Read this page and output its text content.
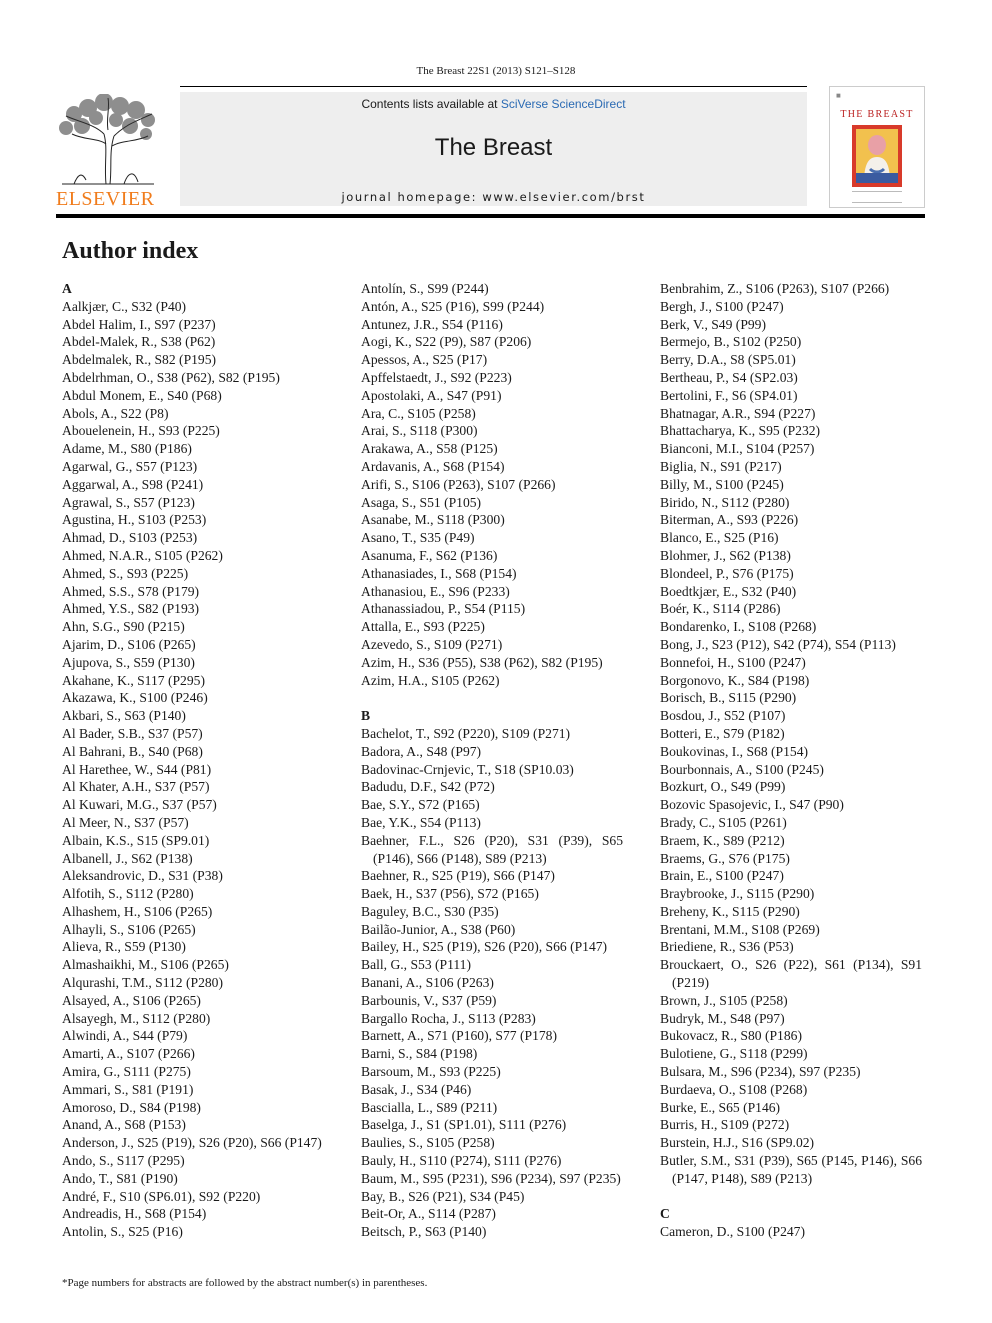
The Breast 22S1 (2013) S121–S128
ELSEVIER
Contents lists available at SciVerse ScienceDirect
The Breast
journal homepage: www.elsevier.com/brst
■
THE BREAST
Author index
A
Aalkjær, C., S32 (P40)
Abdel Halim, I., S97 (P237)
Abdel-Malek, R., S38 (P62)
Abdelmalek, R., S82 (P195)
Abdelrhman, O., S38 (P62), S82 (P195)
Abdul Monem, E., S40 (P68)
Abols, A., S22 (P8)
Abouelenein, H., S93 (P225)
Adame, M., S80 (P186)
Agarwal, G., S57 (P123)
Aggarwal, A., S98 (P241)
Agrawal, S., S57 (P123)
Agustina, H., S103 (P253)
Ahmad, D., S103 (P253)
Ahmed, N.A.R., S105 (P262)
Ahmed, S., S93 (P225)
Ahmed, S.S., S78 (P179)
Ahmed, Y.S., S82 (P193)
Ahn, S.G., S90 (P215)
Ajarim, D., S106 (P265)
Ajupova, S., S59 (P130)
Akahane, K., S117 (P295)
Akazawa, K., S100 (P246)
Akbari, S., S63 (P140)
Al Bader, S.B., S37 (P57)
Al Bahrani, B., S40 (P68)
Al Harethee, W., S44 (P81)
Al Khater, A.H., S37 (P57)
Al Kuwari, M.G., S37 (P57)
Al Meer, N., S37 (P57)
Albain, K.S., S15 (SP9.01)
Albanell, J., S62 (P138)
Aleksandrovic, D., S31 (P38)
Alfotih, S., S112 (P280)
Alhashem, H., S106 (P265)
Alhayli, S., S106 (P265)
Alieva, R., S59 (P130)
Almashaikhi, M., S106 (P265)
Alqurashi, T.M., S112 (P280)
Alsayed, A., S106 (P265)
Alsayegh, M., S112 (P280)
Alwindi, A., S44 (P79)
Amarti, A., S107 (P266)
Amira, G., S111 (P275)
Ammari, S., S81 (P191)
Amoroso, D., S84 (P198)
Anand, A., S68 (P153)
Anderson, J., S25 (P19), S26 (P20), S66 (P147)
Ando, S., S117 (P295)
Ando, T., S81 (P190)
André, F., S10 (SP6.01), S92 (P220)
Andreadis, H., S68 (P154)
Antolin, S., S25 (P16)
Antolín, S., S99 (P244)
Antón, A., S25 (P16), S99 (P244)
Antunez, J.R., S54 (P116)
Aogi, K., S22 (P9), S87 (P206)
Apessos, A., S25 (P17)
Apffelstaedt, J., S92 (P223)
Apostolaki, A., S47 (P91)
Ara, C., S105 (P258)
Arai, S., S118 (P300)
Arakawa, A., S58 (P125)
Ardavanis, A., S68 (P154)
Arifi, S., S106 (P263), S107 (P266)
Asaga, S., S51 (P105)
Asanabe, M., S118 (P300)
Asano, T., S35 (P49)
Asanuma, F., S62 (P136)
Athanasiades, I., S68 (P154)
Athanasiou, E., S96 (P233)
Athanassiadou, P., S54 (P115)
Attalla, E., S93 (P225)
Azevedo, S., S109 (P271)
Azim, H., S36 (P55), S38 (P62), S82 (P195)
Azim, H.A., S105 (P262)
B
Bachelot, T., S92 (P220), S109 (P271)
Badora, A., S48 (P97)
Badovinac-Crnjevic, T., S18 (SP10.03)
Badudu, D.F., S42 (P72)
Bae, S.Y., S72 (P165)
Bae, Y.K., S54 (P113)
Baehner, F.L., S26 (P20), S31 (P39), S65 (P146), S66 (P148), S89 (P213)
Baehner, R., S25 (P19), S66 (P147)
Baek, H., S37 (P56), S72 (P165)
Baguley, B.C., S30 (P35)
Bailão-Junior, A., S38 (P60)
Bailey, H., S25 (P19), S26 (P20), S66 (P147)
Ball, G., S53 (P111)
Banani, A., S106 (P263)
Barbounis, V., S37 (P59)
Bargallo Rocha, J., S113 (P283)
Barnett, A., S71 (P160), S77 (P178)
Barni, S., S84 (P198)
Barsoum, M., S93 (P225)
Basak, J., S34 (P46)
Bascialla, L., S89 (P211)
Baselga, J., S1 (SP1.01), S111 (P276)
Baulies, S., S105 (P258)
Bauly, H., S110 (P274), S111 (P276)
Baum, M., S95 (P231), S96 (P234), S97 (P235)
Bay, B., S26 (P21), S34 (P45)
Beit-Or, A., S114 (P287)
Beitsch, P., S63 (P140)
Benbrahim, Z., S106 (P263), S107 (P266)
Bergh, J., S100 (P247)
Berk, V., S49 (P99)
Bermejo, B., S102 (P250)
Berry, D.A., S8 (SP5.01)
Bertheau, P., S4 (SP2.03)
Bertolini, F., S6 (SP4.01)
Bhatnagar, A.R., S94 (P227)
Bhattacharya, K., S95 (P232)
Bianconi, M.I., S104 (P257)
Biglia, N., S91 (P217)
Billy, M., S100 (P245)
Birido, N., S112 (P280)
Biterman, A., S93 (P226)
Blanco, E., S25 (P16)
Blohmer, J., S62 (P138)
Blondeel, P., S76 (P175)
Boedtkjær, E., S32 (P40)
Boér, K., S114 (P286)
Bondarenko, I., S108 (P268)
Bong, J., S23 (P12), S42 (P74), S54 (P113)
Bonnefoi, H., S100 (P247)
Borgonovo, K., S84 (P198)
Borisch, B., S115 (P290)
Bosdou, J., S52 (P107)
Botteri, E., S79 (P182)
Boukovinas, I., S68 (P154)
Bourbonnais, A., S100 (P245)
Bozkurt, O., S49 (P99)
Bozovic Spasojevic, I., S47 (P90)
Brady, C., S105 (P261)
Braem, K., S89 (P212)
Braems, G., S76 (P175)
Brain, E., S100 (P247)
Braybrooke, J., S115 (P290)
Breheny, K., S115 (P290)
Brentani, M.M., S108 (P269)
Briediene, R., S36 (P53)
Brouckaert, O., S26 (P22), S61 (P134), S91 (P219)
Brown, J., S105 (P258)
Budryk, M., S48 (P97)
Bukovacz, R., S80 (P186)
Bulotiene, G., S118 (P299)
Bulsara, M., S96 (P234), S97 (P235)
Burdaeva, O., S108 (P268)
Burke, E., S65 (P146)
Burris, H., S109 (P272)
Burstein, H.J., S16 (SP9.02)
Butler, S.M., S31 (P39), S65 (P145, P146), S66 (P147, P148), S89 (P213)
C
Cameron, D., S100 (P247)
*Page numbers for abstracts are followed by the abstract number(s) in parentheses.
